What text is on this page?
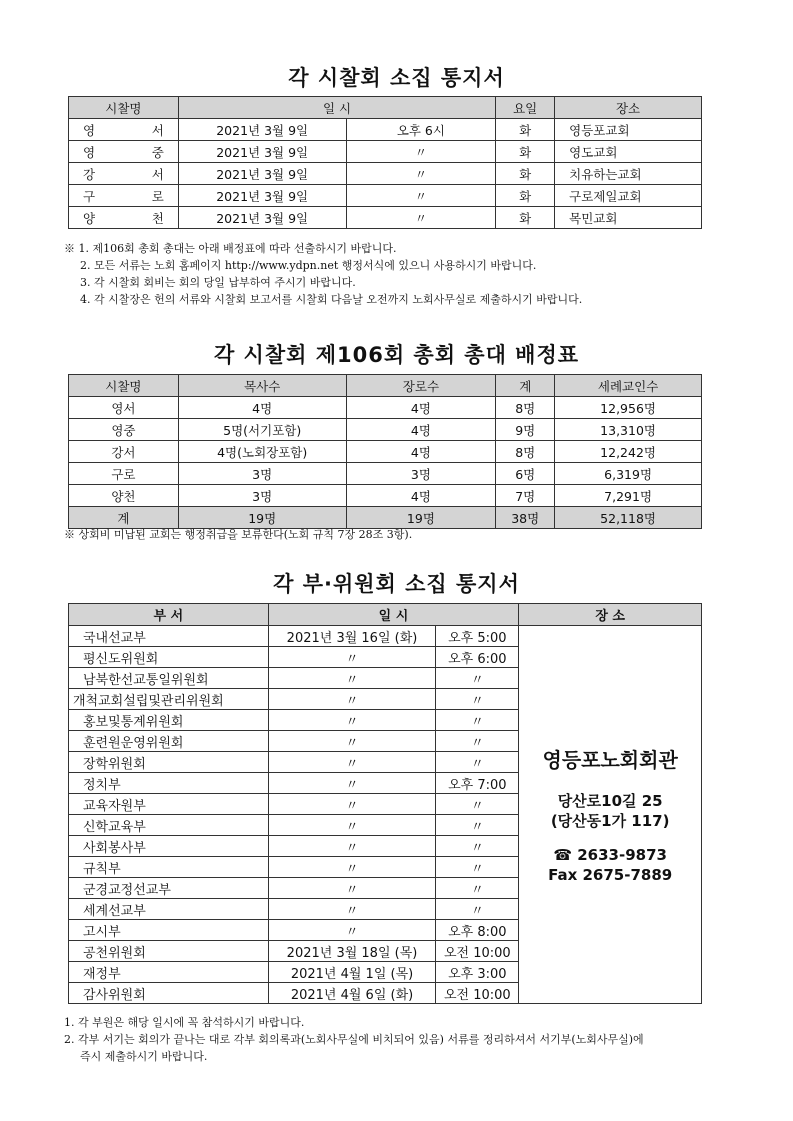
각 시찰회 소집 통지서
시찰명	일 시		요일	장소
영 서	2021년 3월 9일	오후 6시	화	영등포교회
영 중	2021년 3월 9일	〃	화	영도교회
강 서	2021년 3월 9일	〃	화	치유하는교회
구 로	2021년 3월 9일	〃	화	구로제일교회
양 천	2021년 3월 9일	〃	화	목민교회

※ 1. 제106회 총회 총대는 아래 배정표에 따라 선출하시기 바랍니다.

2. 모든 서류는 노회 홈페이지 http://www.ydpn.net 행정서식에 있으니 사용하시기 바랍니다.

3. 각 시찰회 회비는 회의 당일 납부하여 주시기 바랍니다.

4. 각 시찰장은 헌의 서류와 시찰회 보고서를 시찰회 다음날 오전까지 노회사무실로 제출하시기 바랍니다.

각 시찰회 제106회 총회 총대 배정표
시찰명	목사수	장로수	계	세례교인수
영서	4명	4명	8명	12,956명
영중	5명(서기포함)	4명	9명	13,310명
강서	4명(노회장포함)	4명	8명	12,242명
구로	3명	3명	6명	6,319명
양천	3명	4명	7명	7,291명
계	19명	19명	38명	52,118명

※ 상회비 미납된 교회는 행정취급을 보류한다(노회 규칙 7장 28조 3항).

각 부·위원회 소집 통지서
부 서	일 시		장 소
국내선교부	2021년 3월 16일 (화)	오후 5:00	영등포노회회관
당산로10길 25
(당산동1가 117)
☎ 2633-9873
Fax 2675-7889

평신도위원회	〃	오후 6:00	
남북한선교통일위원회	〃	〃	
개척교회설립및관리위원회	〃	〃	
홍보및통계위원회	〃	〃	
훈련원운영위원회	〃	〃	
장학위원회	〃	〃	
정치부	〃	오후 7:00	
교육자원부	〃	〃	
신학교육부	〃	〃	
사회봉사부	〃	〃	
규칙부	〃	〃	
군경교정선교부	〃	〃	
세계선교부	〃	〃	
고시부	〃	오후 8:00	
공천위원회	2021년 3월 18일 (목)	오전 10:00	
재정부	2021년 4월 1일 (목)	오후 3:00	
감사위원회	2021년 4월 6일 (화)	오전 10:00	

1. 각 부원은 해당 일시에 꼭 참석하시기 바랍니다.

2. 각부 서기는 회의가 끝나는 대로 각부 회의록과(노회사무실에 비치되어 있음) 서류를 정리하셔서 서기부(노회사무실)에

즉시 제출하시기 바랍니다.
